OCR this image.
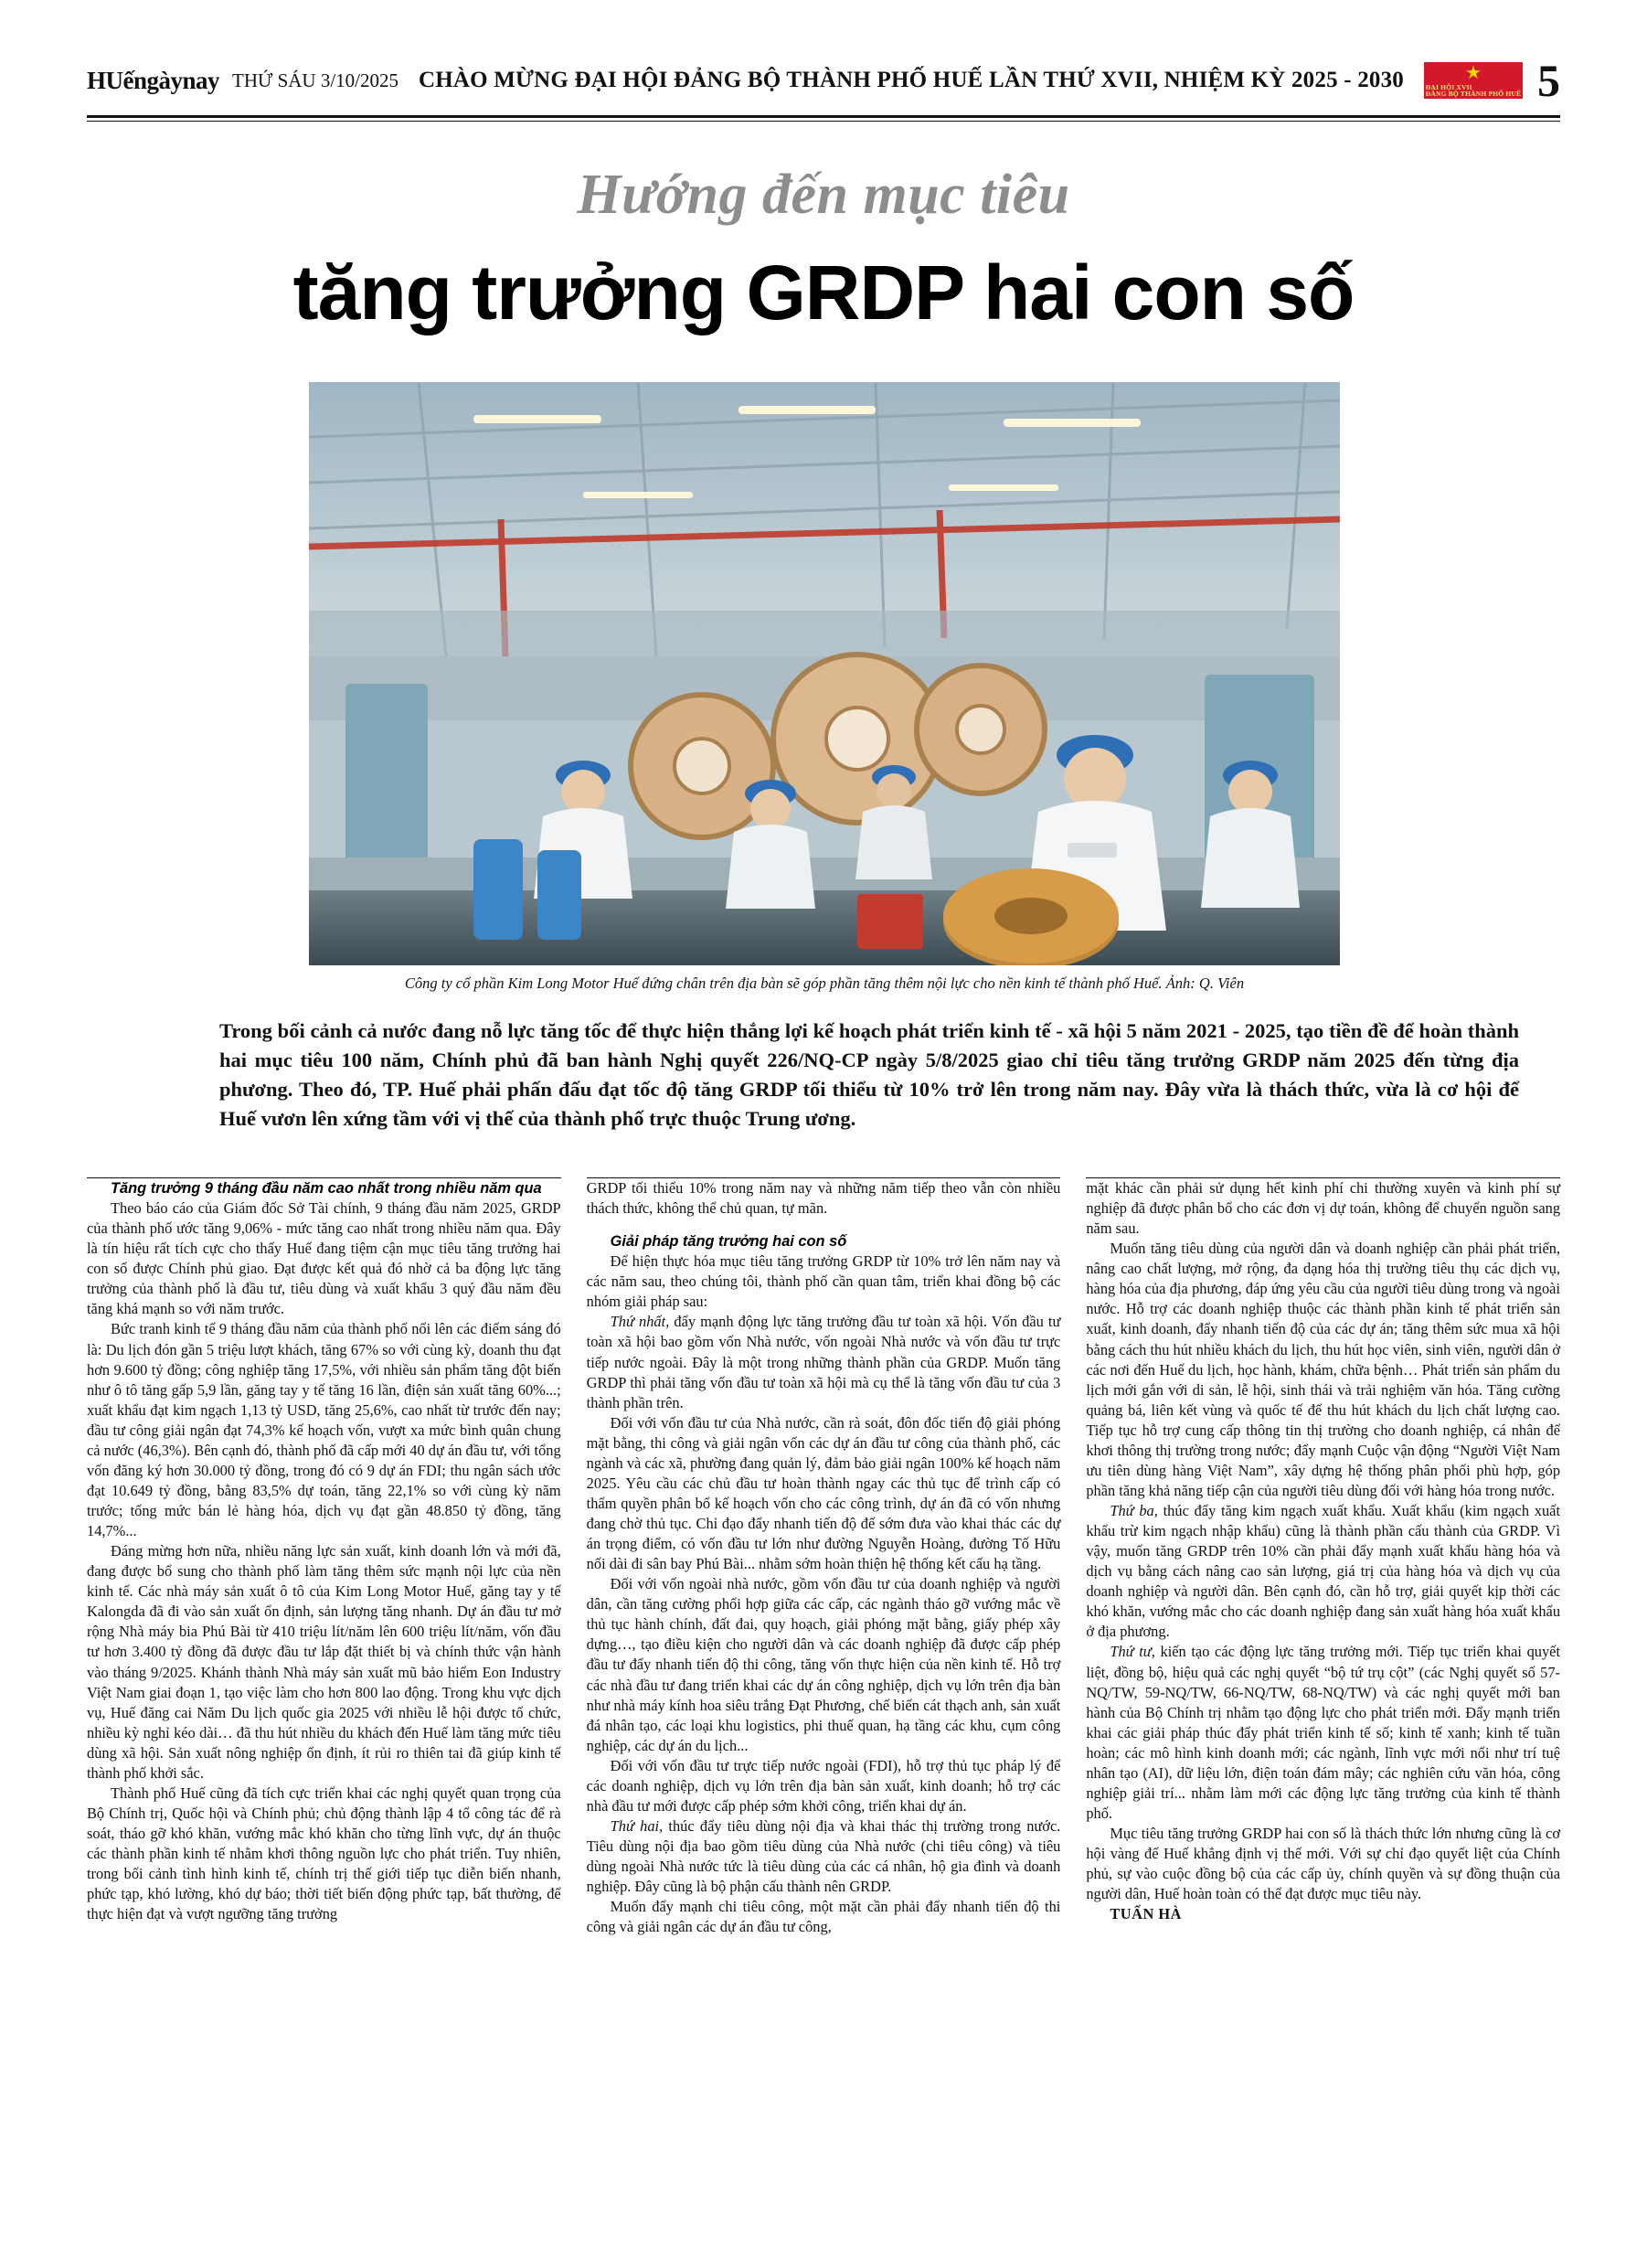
HUếngàynay THỨ SÁU 3/10/2025 CHÀO MỪNG ĐẠI HỘI ĐẢNG BỘ THÀNH PHỐ HUẾ LẦN THỨ XVII, NHIỆM KỲ 2025 - 2030	★
ĐẠI HỘI XVII
ĐẢNG BỘ THÀNH PHỐ HUẾ 5
Hướng đến mục tiêu
tăng trưởng GRDP hai con số
Công ty cổ phần Kim Long Motor Huế đứng chân trên địa bàn sẽ góp phần tăng thêm nội lực cho nền kinh tế thành phố Huế. Ảnh: Q. Viên
Trong bối cảnh cả nước đang nỗ lực tăng tốc để thực hiện thắng lợi kế hoạch phát triển kinh tế - xã hội 5 năm 2021 - 2025, tạo tiền đề để hoàn thành hai mục tiêu 100 năm, Chính phủ đã ban hành Nghị quyết 226/NQ-CP ngày 5/8/2025 giao chỉ tiêu tăng trưởng GRDP năm 2025 đến từng địa phương. Theo đó, TP. Huế phải phấn đấu đạt tốc độ tăng GRDP tối thiểu từ 10% trở lên trong năm nay. Đây vừa là thách thức, vừa là cơ hội để Huế vươn lên xứng tầm với vị thế của thành phố trực thuộc Trung ương.

Tăng trưởng 9 tháng đầu năm cao nhất trong nhiều năm qua

Theo báo cáo của Giám đốc Sở Tài chính, 9 tháng đầu năm 2025, GRDP của thành phố ước tăng 9,06% - mức tăng cao nhất trong nhiều năm qua. Đây là tín hiệu rất tích cực cho thấy Huế đang tiệm cận mục tiêu tăng trưởng hai con số được Chính phủ giao. Đạt được kết quả đó nhờ cả ba động lực tăng trưởng của thành phố là đầu tư, tiêu dùng và xuất khẩu 3 quý đầu năm đều tăng khá mạnh so với năm trước.

Bức tranh kinh tế 9 tháng đầu năm của thành phố nổi lên các điểm sáng đó là: Du lịch đón gần 5 triệu lượt khách, tăng 67% so với cùng kỳ, doanh thu đạt hơn 9.600 tỷ đồng; công nghiệp tăng 17,5%, với nhiều sản phẩm tăng đột biến như ô tô tăng gấp 5,9 lần, găng tay y tế tăng 16 lần, điện sản xuất tăng 60%...; xuất khẩu đạt kim ngạch 1,13 tỷ USD, tăng 25,6%, cao nhất từ trước đến nay; đầu tư công giải ngân đạt 74,3% kế hoạch vốn, vượt xa mức bình quân chung cả nước (46,3%). Bên cạnh đó, thành phố đã cấp mới 40 dự án đầu tư, với tổng vốn đăng ký hơn 30.000 tỷ đồng, trong đó có 9 dự án FDI; thu ngân sách ước đạt 10.649 tỷ đồng, bằng 83,5% dự toán, tăng 22,1% so với cùng kỳ năm trước; tổng mức bán lẻ hàng hóa, dịch vụ đạt gần 48.850 tỷ đồng, tăng 14,7%...

Đáng mừng hơn nữa, nhiều năng lực sản xuất, kinh doanh lớn và mới đã, đang được bổ sung cho thành phố làm tăng thêm sức mạnh nội lực của nền kinh tế. Các nhà máy sản xuất ô tô của Kim Long Motor Huế, găng tay y tế Kalongda đã đi vào sản xuất ổn định, sản lượng tăng nhanh. Dự án đầu tư mở rộng Nhà máy bia Phú Bài từ 410 triệu lít/năm lên 600 triệu lít/năm, vốn đầu tư hơn 3.400 tỷ đồng đã được đầu tư lắp đặt thiết bị và chính thức vận hành vào tháng 9/2025. Khánh thành Nhà máy sản xuất mũ bảo hiểm Eon Industry Việt Nam giai đoạn 1, tạo việc làm cho hơn 800 lao động. Trong khu vực dịch vụ, Huế đăng cai Năm Du lịch quốc gia 2025 với nhiều lễ hội được tổ chức, nhiều kỳ nghỉ kéo dài… đã thu hút nhiều du khách đến Huế làm tăng mức tiêu dùng xã hội. Sản xuất nông nghiệp ổn định, ít rủi ro thiên tai đã giúp kinh tế thành phố khởi sắc.

Thành phố Huế cũng đã tích cực triển khai các nghị quyết quan trọng của Bộ Chính trị, Quốc hội và Chính phủ; chủ động thành lập 4 tổ công tác để rà soát, tháo gỡ khó khăn, vướng mắc khó khăn cho từng lĩnh vực, dự án thuộc các thành phần kinh tế nhằm khơi thông nguồn lực cho phát triển. Tuy nhiên, trong bối cảnh tình hình kinh tế, chính trị thế giới tiếp tục diễn biến nhanh, phức tạp, khó lường, khó dự báo; thời tiết biến động phức tạp, bất thường, để thực hiện đạt và vượt ngưỡng tăng trưởng

GRDP tối thiểu 10% trong năm nay và những năm tiếp theo vẫn còn nhiều thách thức, không thể chủ quan, tự mãn.

Giải pháp tăng trưởng hai con số

Để hiện thực hóa mục tiêu tăng trưởng GRDP từ 10% trở lên năm nay và các năm sau, theo chúng tôi, thành phố cần quan tâm, triển khai đồng bộ các nhóm giải pháp sau:

Thứ nhất, đẩy mạnh động lực tăng trưởng đầu tư toàn xã hội. Vốn đầu tư toàn xã hội bao gồm vốn Nhà nước, vốn ngoài Nhà nước và vốn đầu tư trực tiếp nước ngoài. Đây là một trong những thành phần của GRDP. Muốn tăng GRDP thì phải tăng vốn đầu tư toàn xã hội mà cụ thể là tăng vốn đầu tư của 3 thành phần trên.

Đối với vốn đầu tư của Nhà nước, cần rà soát, đôn đốc tiến độ giải phóng mặt bằng, thi công và giải ngân vốn các dự án đầu tư công của thành phố, các ngành và các xã, phường đang quản lý, đảm bảo giải ngân 100% kế hoạch năm 2025. Yêu cầu các chủ đầu tư hoàn thành ngay các thủ tục để trình cấp có thẩm quyền phân bổ kế hoạch vốn cho các công trình, dự án đã có vốn nhưng đang chờ thủ tục. Chỉ đạo đẩy nhanh tiến độ để sớm đưa vào khai thác các dự án trọng điểm, có vốn đầu tư lớn như đường Nguyễn Hoàng, đường Tố Hữu nối dài đi sân bay Phú Bài... nhằm sớm hoàn thiện hệ thống kết cấu hạ tầng.

Đối với vốn ngoài nhà nước, gồm vốn đầu tư của doanh nghiệp và người dân, cần tăng cường phối hợp giữa các cấp, các ngành tháo gỡ vướng mắc về thủ tục hành chính, đất đai, quy hoạch, giải phóng mặt bằng, giấy phép xây dựng…, tạo điều kiện cho người dân và các doanh nghiệp đã được cấp phép đầu tư đẩy nhanh tiến độ thi công, tăng vốn thực hiện của nền kinh tế. Hỗ trợ các nhà đầu tư đang triển khai các dự án công nghiệp, dịch vụ lớn trên địa bàn như nhà máy kính hoa siêu trắng Đạt Phương, chế biến cát thạch anh, sản xuất đá nhân tạo, các loại khu logistics, phi thuế quan, hạ tầng các khu, cụm công nghiệp, các dự án du lịch...

Đối với vốn đầu tư trực tiếp nước ngoài (FDI), hỗ trợ thủ tục pháp lý để các doanh nghiệp, dịch vụ lớn trên địa bàn sản xuất, kinh doanh; hỗ trợ các nhà đầu tư mới được cấp phép sớm khởi công, triển khai dự án.

Thứ hai, thúc đẩy tiêu dùng nội địa và khai thác thị trường trong nước. Tiêu dùng nội địa bao gồm tiêu dùng của Nhà nước (chi tiêu công) và tiêu dùng ngoài Nhà nước tức là tiêu dùng của các cá nhân, hộ gia đình và doanh nghiệp. Đây cũng là bộ phận cấu thành nên GRDP.

Muốn đẩy mạnh chi tiêu công, một mặt cần phải đẩy nhanh tiến độ thi công và giải ngân các dự án đầu tư công,

mặt khác cần phải sử dụng hết kinh phí chi thường xuyên và kinh phí sự nghiệp đã được phân bổ cho các đơn vị dự toán, không để chuyển nguồn sang năm sau.

Muốn tăng tiêu dùng của người dân và doanh nghiệp cần phải phát triển, nâng cao chất lượng, mở rộng, đa dạng hóa thị trường tiêu thụ các dịch vụ, hàng hóa của địa phương, đáp ứng yêu cầu của người tiêu dùng trong và ngoài nước. Hỗ trợ các doanh nghiệp thuộc các thành phần kinh tế phát triển sản xuất, kinh doanh, đẩy nhanh tiến độ của các dự án; tăng thêm sức mua xã hội bằng cách thu hút nhiều khách du lịch, thu hút học viên, sinh viên, người dân ở các nơi đến Huế du lịch, học hành, khám, chữa bệnh… Phát triển sản phẩm du lịch mới gắn với di sản, lễ hội, sinh thái và trải nghiệm văn hóa. Tăng cường quảng bá, liên kết vùng và quốc tế để thu hút khách du lịch chất lượng cao. Tiếp tục hỗ trợ cung cấp thông tin thị trường cho doanh nghiệp, cá nhân để khơi thông thị trường trong nước; đẩy mạnh Cuộc vận động “Người Việt Nam ưu tiên dùng hàng Việt Nam”, xây dựng hệ thống phân phối phù hợp, góp phần tăng khả năng tiếp cận của người tiêu dùng đối với hàng hóa trong nước.

Thứ ba, thúc đẩy tăng kim ngạch xuất khẩu. Xuất khẩu (kim ngạch xuất khẩu trừ kim ngạch nhập khẩu) cũng là thành phần cấu thành của GRDP. Vì vậy, muốn tăng GRDP trên 10% cần phải đẩy mạnh xuất khẩu hàng hóa và dịch vụ bằng cách nâng cao sản lượng, giá trị của hàng hóa và dịch vụ của doanh nghiệp và người dân. Bên cạnh đó, cần hỗ trợ, giải quyết kịp thời các khó khăn, vướng mắc cho các doanh nghiệp đang sản xuất hàng hóa xuất khẩu ở địa phương.

Thứ tư, kiến tạo các động lực tăng trưởng mới. Tiếp tục triển khai quyết liệt, đồng bộ, hiệu quả các nghị quyết “bộ tứ trụ cột” (các Nghị quyết số 57-NQ/TW, 59-NQ/TW, 66-NQ/TW, 68-NQ/TW) và các nghị quyết mới ban hành của Bộ Chính trị nhằm tạo động lực cho phát triển mới. Đẩy mạnh triển khai các giải pháp thúc đẩy phát triển kinh tế số; kinh tế xanh; kinh tế tuần hoàn; các mô hình kinh doanh mới; các ngành, lĩnh vực mới nổi như trí tuệ nhân tạo (AI), dữ liệu lớn, điện toán đám mây; các nghiên cứu văn hóa, công nghiệp giải trí... nhằm làm mới các động lực tăng trưởng của kinh tế thành phố.

Mục tiêu tăng trưởng GRDP hai con số là thách thức lớn nhưng cũng là cơ hội vàng để Huế khẳng định vị thế mới. Với sự chỉ đạo quyết liệt của Chính phủ, sự vào cuộc đồng bộ của các cấp ủy, chính quyền và sự đồng thuận của người dân, Huế hoàn toàn có thể đạt được mục tiêu này.

TUẤN HÀ
